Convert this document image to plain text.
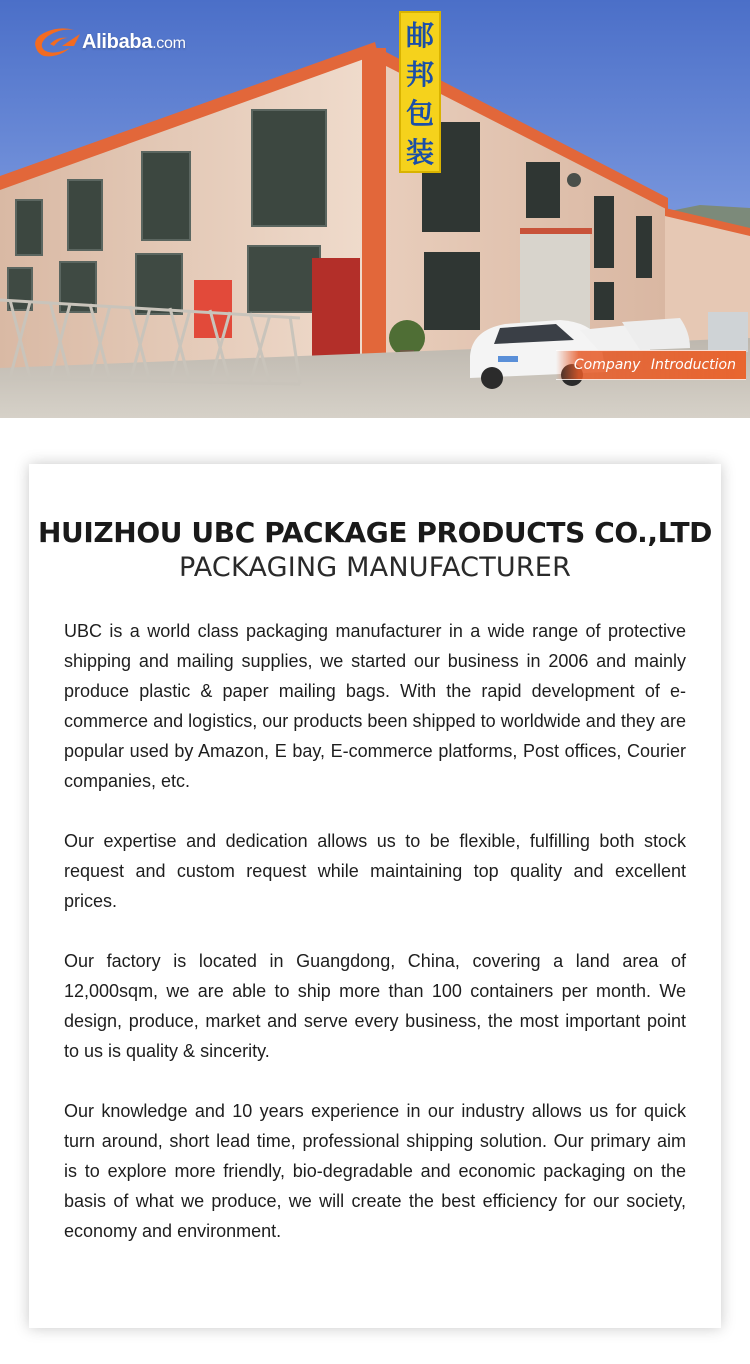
邮
邦
包
装
Alibaba.com
Company Introduction
HUIZHOU UBC PACKAGE PRODUCTS CO.,LTD
PACKAGING MANUFACTURER

UBC is a world class packaging manufacturer in a wide range of protective shipping and mailing supplies, we started our business in 2006 and mainly produce plastic & paper mailing bags. With the rapid development of e-commerce and logistics, our products been shipped to worldwide and they are popular used by Amazon, E bay, E-commerce platforms, Post offices, Courier companies, etc.

Our expertise and dedication allows us to be flexible, fulfilling both stock request and custom request while maintaining top quality and excellent prices.

Our factory is located in Guangdong, China, covering a land area of 12,000sqm, we are able to ship more than 100 containers per month. We design, produce, market and serve every business, the most important point to us is quality & sincerity.

Our knowledge and 10 years experience in our industry allows us for quick turn around, short lead time, professional shipping solution. Our primary aim is to explore more friendly, bio-degradable and economic packaging on the basis of what we produce, we will create the best efficiency for our society, economy and environment.
